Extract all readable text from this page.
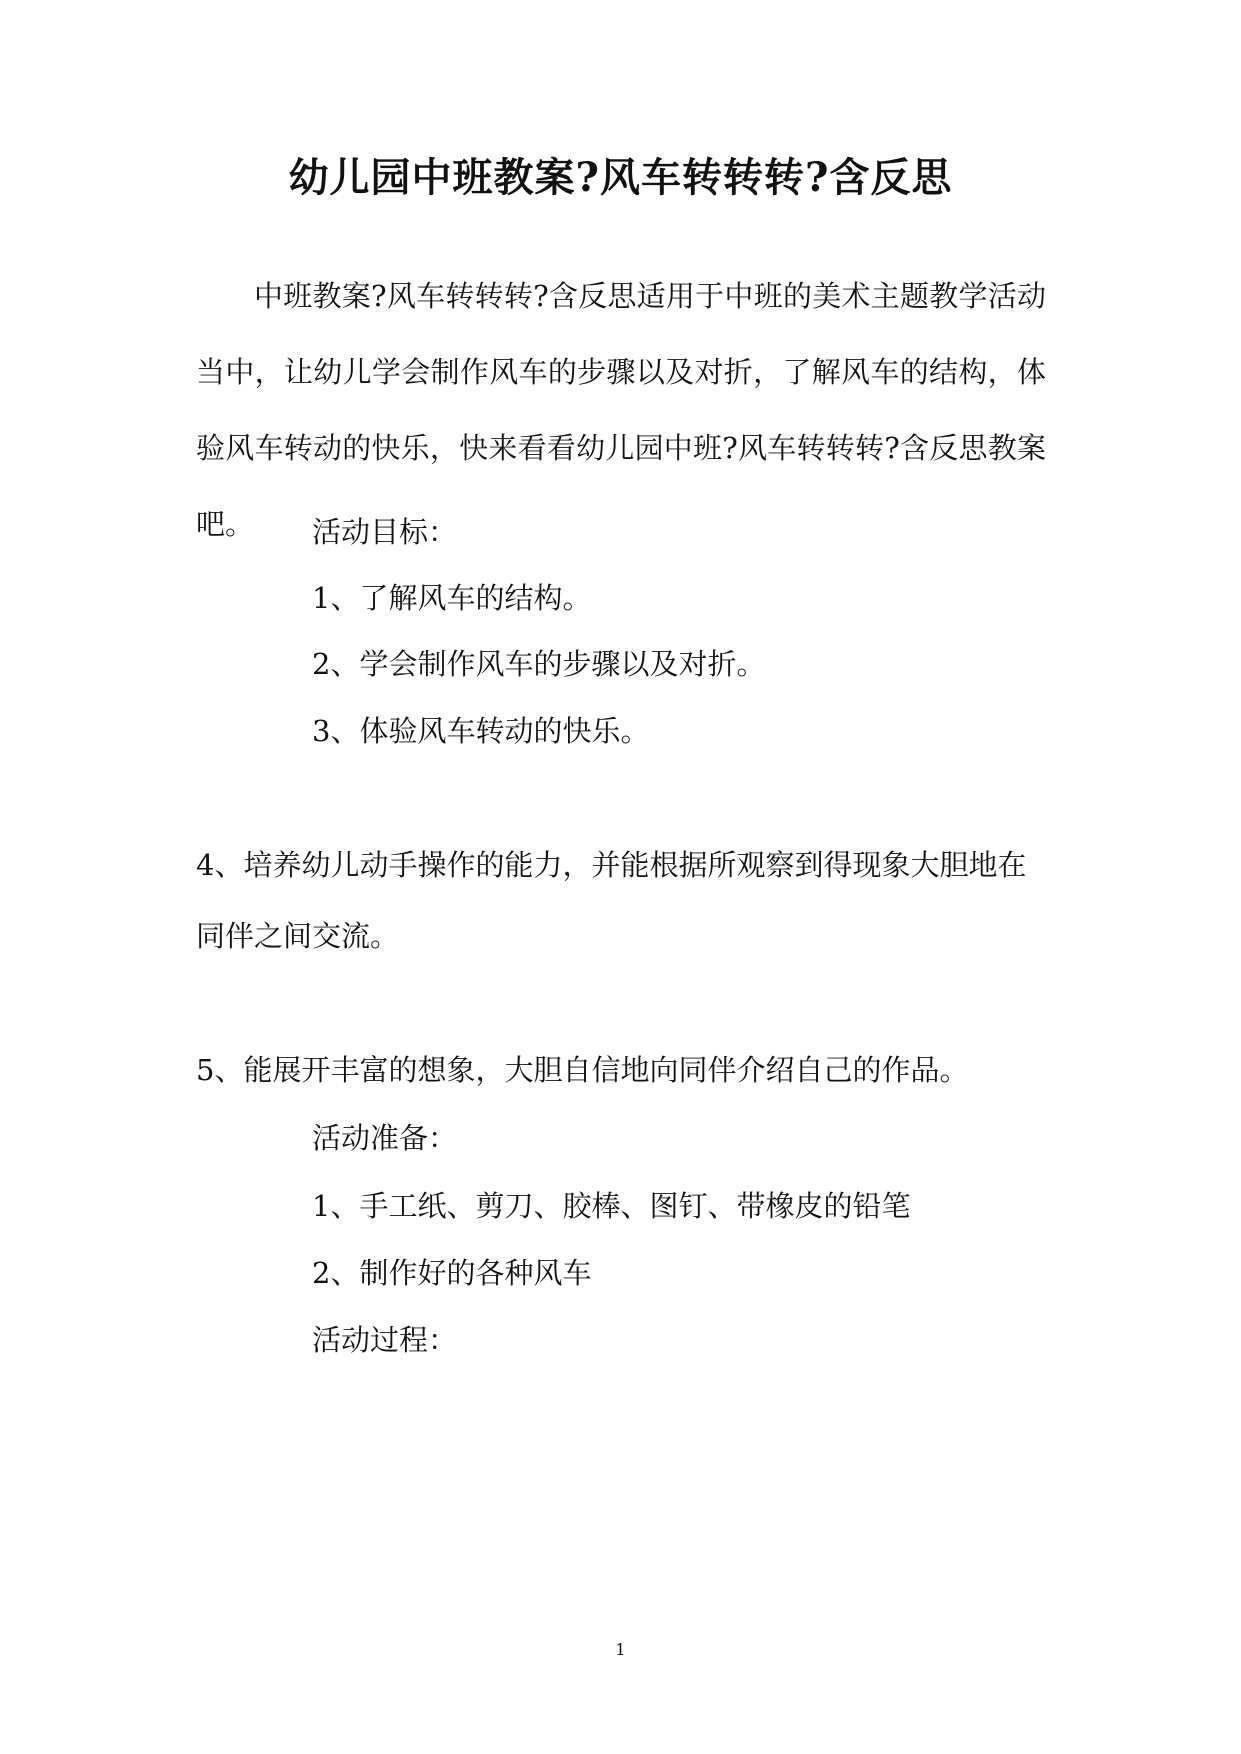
幼儿园中班教案?风车转转转?含反思
中班教案?风车转转转?含反思适用于中班的美术主题教学活动当中，让幼儿学会制作风车的步骤以及对折，了解风车的结构，体验风车转动的快乐，快来看看幼儿园中班?风车转转转?含反思教案吧。	活动目标：
1、了解风车的结构。
2、学会制作风车的步骤以及对折。
3、体验风车转动的快乐。
4、培养幼儿动手操作的能力，并能根据所观察到得现象大胆地在
同伴之间交流。
5、能展开丰富的想象，大胆自信地向同伴介绍自己的作品。
活动准备：
1、手工纸、剪刀、胶棒、图钉、带橡皮的铅笔
2、制作好的各种风车
活动过程：
1
